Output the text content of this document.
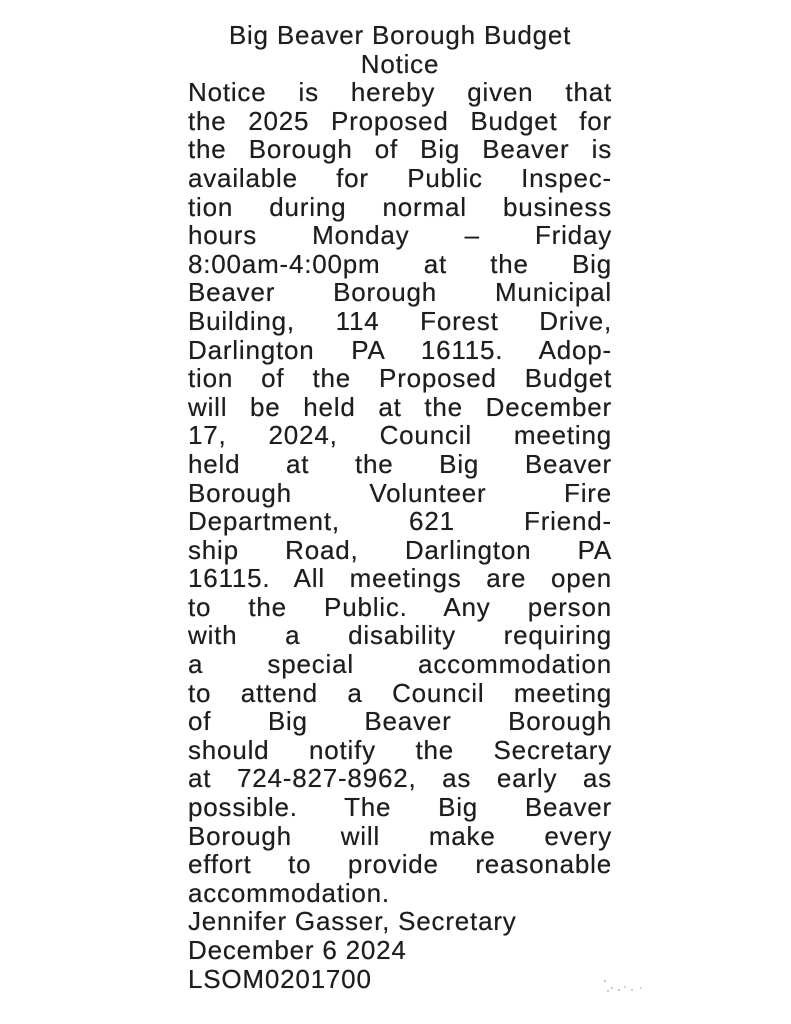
Big Beaver Borough Budget
Notice
Notice is hereby given that
the 2025 Proposed Budget for
the Borough of Big Beaver is
available for Public Inspec-
tion during normal business
hours Monday – Friday
8:00am-4:00pm at the Big
Beaver Borough Municipal
Building, 114 Forest Drive,
Darlington PA 16115. Adop-
tion of the Proposed Budget
will be held at the December
17, 2024, Council meeting
held at the Big Beaver
Borough Volunteer Fire
Department, 621 Friend-
ship Road, Darlington PA
16115. All meetings are open
to the Public. Any person
with a disability requiring
a special accommodation
to attend a Council meeting
of Big Beaver Borough
should notify the Secretary
at 724-827-8962, as early as
possible. The Big Beaver
Borough will make every
effort to provide reasonable
accommodation.
Jennifer Gasser, Secretary
December 6 2024
LSOM0201700
